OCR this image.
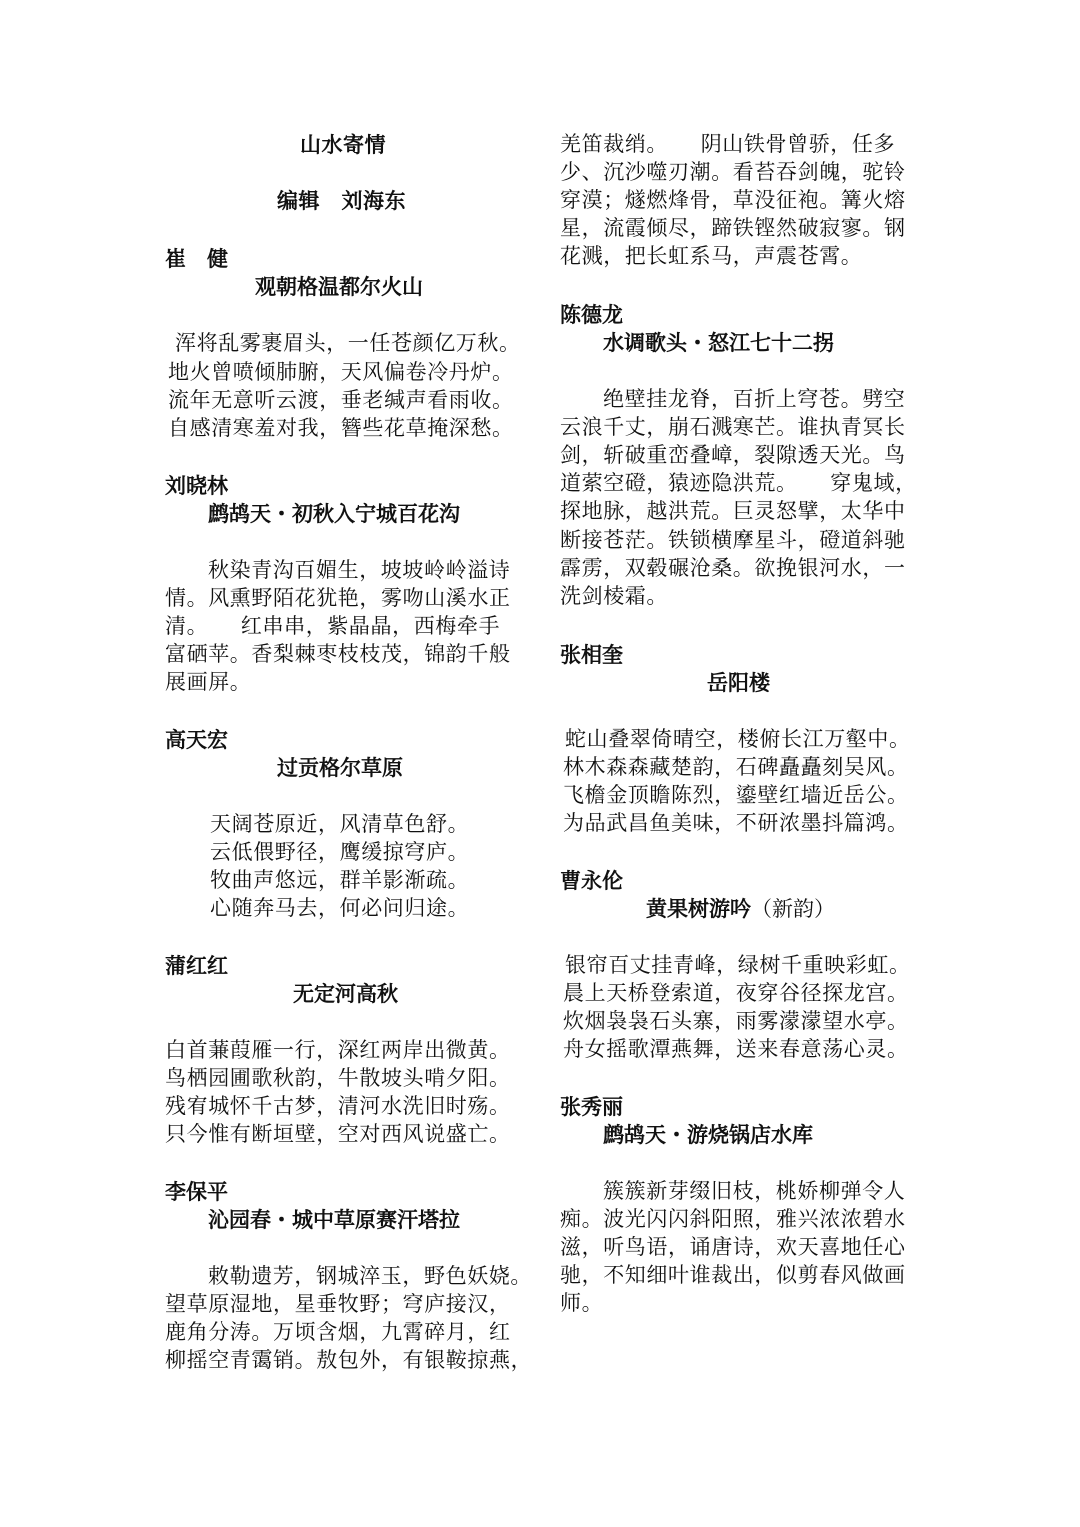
山水寄情

编辑　刘海东

崔　健

观朝格温都尔火山

浑将乱雾裹眉头，一任苍颜亿万秋。

地火曾喷倾肺腑，天风偏卷冷丹炉。

流年无意听云渡，垂老缄声看雨收。

自感清寒羞对我，簪些花草掩深愁。

刘晓林

鹧鸪天・初秋入宁城百花沟

秋染青沟百媚生，坡坡岭岭溢诗

情。风熏野陌花犹艳，雾吻山溪水正

清。　　红串串，紫晶晶，西梅牵手

富硒苹。香梨棘枣枝枝茂，锦韵千般

展画屏。

高天宏

过贡格尔草原

天阔苍原近，风清草色舒。

云低偎野径，鹰缓掠穹庐。

牧曲声悠远，群羊影渐疏。

心随奔马去，何必问归途。

蒲红红

无定河高秋

白首蒹葭雁一行，深红两岸出微黄。

鸟栖园圃歌秋韵，牛散坡头啃夕阳。

残宥城怀千古梦，清河水洗旧时殇。

只今惟有断垣壁，空对西风说盛亡。

李保平

沁园春・城中草原赛汗塔拉

敕勒遗芳，钢城淬玉，野色妖娆。

望草原湿地，星垂牧野；穹庐接汉，

鹿角分涛。万顷含烟，九霄碎月，红

柳摇空青霭销。敖包外，有银鞍掠燕，

羌笛裁绡。　　阴山铁骨曾骄，任多

少、沉沙噬刃潮。看苔吞剑魄，驼铃

穿漠；燧燃烽骨，草没征袍。篝火熔

星，流霞倾尽，蹄铁铿然破寂寥。钢

花溅，把长虹系马，声震苍霄。

陈德龙

水调歌头・怒江七十二拐

绝壁挂龙脊，百折上穹苍。劈空

云浪千丈，崩石溅寒芒。谁执青冥长

剑，斩破重峦叠嶂，裂隙透天光。鸟

道萦空磴，猿迹隐洪荒。　　穿鬼域，

探地脉，越洪荒。巨灵怒擘，太华中

断接苍茫。铁锁横摩星斗，磴道斜驰

霹雳，双毂碾沧桑。欲挽银河水，一

洗剑棱霜。

张相奎

岳阳楼

蛇山叠翠倚晴空，楼俯长江万壑中。

林木森森藏楚韵，石碑矗矗刻吴风。

飞檐金顶瞻陈烈，鎏壁红墙近岳公。

为品武昌鱼美味，不研浓墨抖篇鸿。

曹永伦

黄果树游吟（新韵）

银帘百丈挂青峰，绿树千重映彩虹。

晨上天桥登索道，夜穿谷径探龙宫。

炊烟袅袅石头寨，雨雾濛濛望水亭。

舟女摇歌潭燕舞，送来春意荡心灵。

张秀丽

鹧鸪天・游烧锅店水库

簇簇新芽缀旧枝，桃娇柳弹令人

痴。波光闪闪斜阳照，雅兴浓浓碧水

滋，听鸟语，诵唐诗，欢天喜地任心

驰，不知细叶谁裁出，似剪春风做画

师。
